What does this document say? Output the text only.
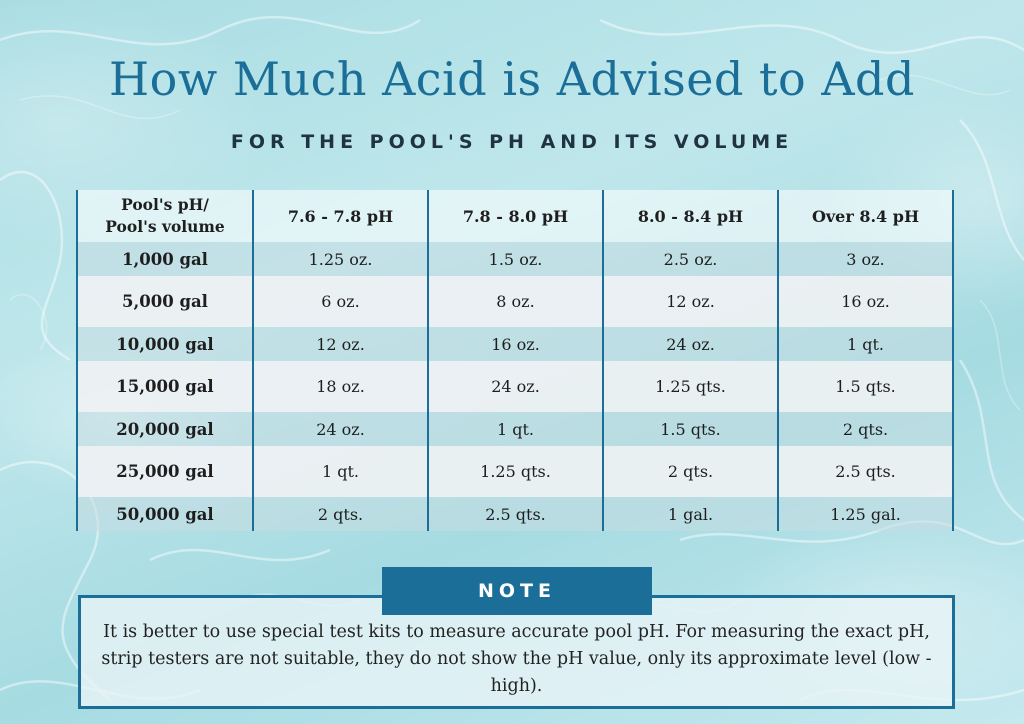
How Much Acid is Advised to Add
FOR THE POOL'S PH AND ITS VOLUME
Pool's pH/
Pool's volume	7.6 - 7.8 pH	7.8 - 8.0 pH	8.0 - 8.4 pH	Over 8.4 pH
1,000 gal	1.25 oz.	1.5 oz.	2.5 oz.	3 oz.
5,000 gal	6 oz.	8 oz.	12 oz.	16 oz.
10,000 gal	12 oz.	16 oz.	24 oz.	1 qt.
15,000 gal	18 oz.	24 oz.	1.25 qts.	1.5 qts.
20,000 gal	24 oz.	1 qt.	1.5 qts.	2 qts.
25,000 gal	1 qt.	1.25 qts.	2 qts.	2.5 qts.
50,000 gal	2 qts.	2.5 qts.	1 gal.	1.25 gal.
NOTE

It is better to use special test kits to measure accurate pool pH. For measuring the exact pH, strip testers are not suitable, they do not show the pH value, only its approximate level (low - high).
